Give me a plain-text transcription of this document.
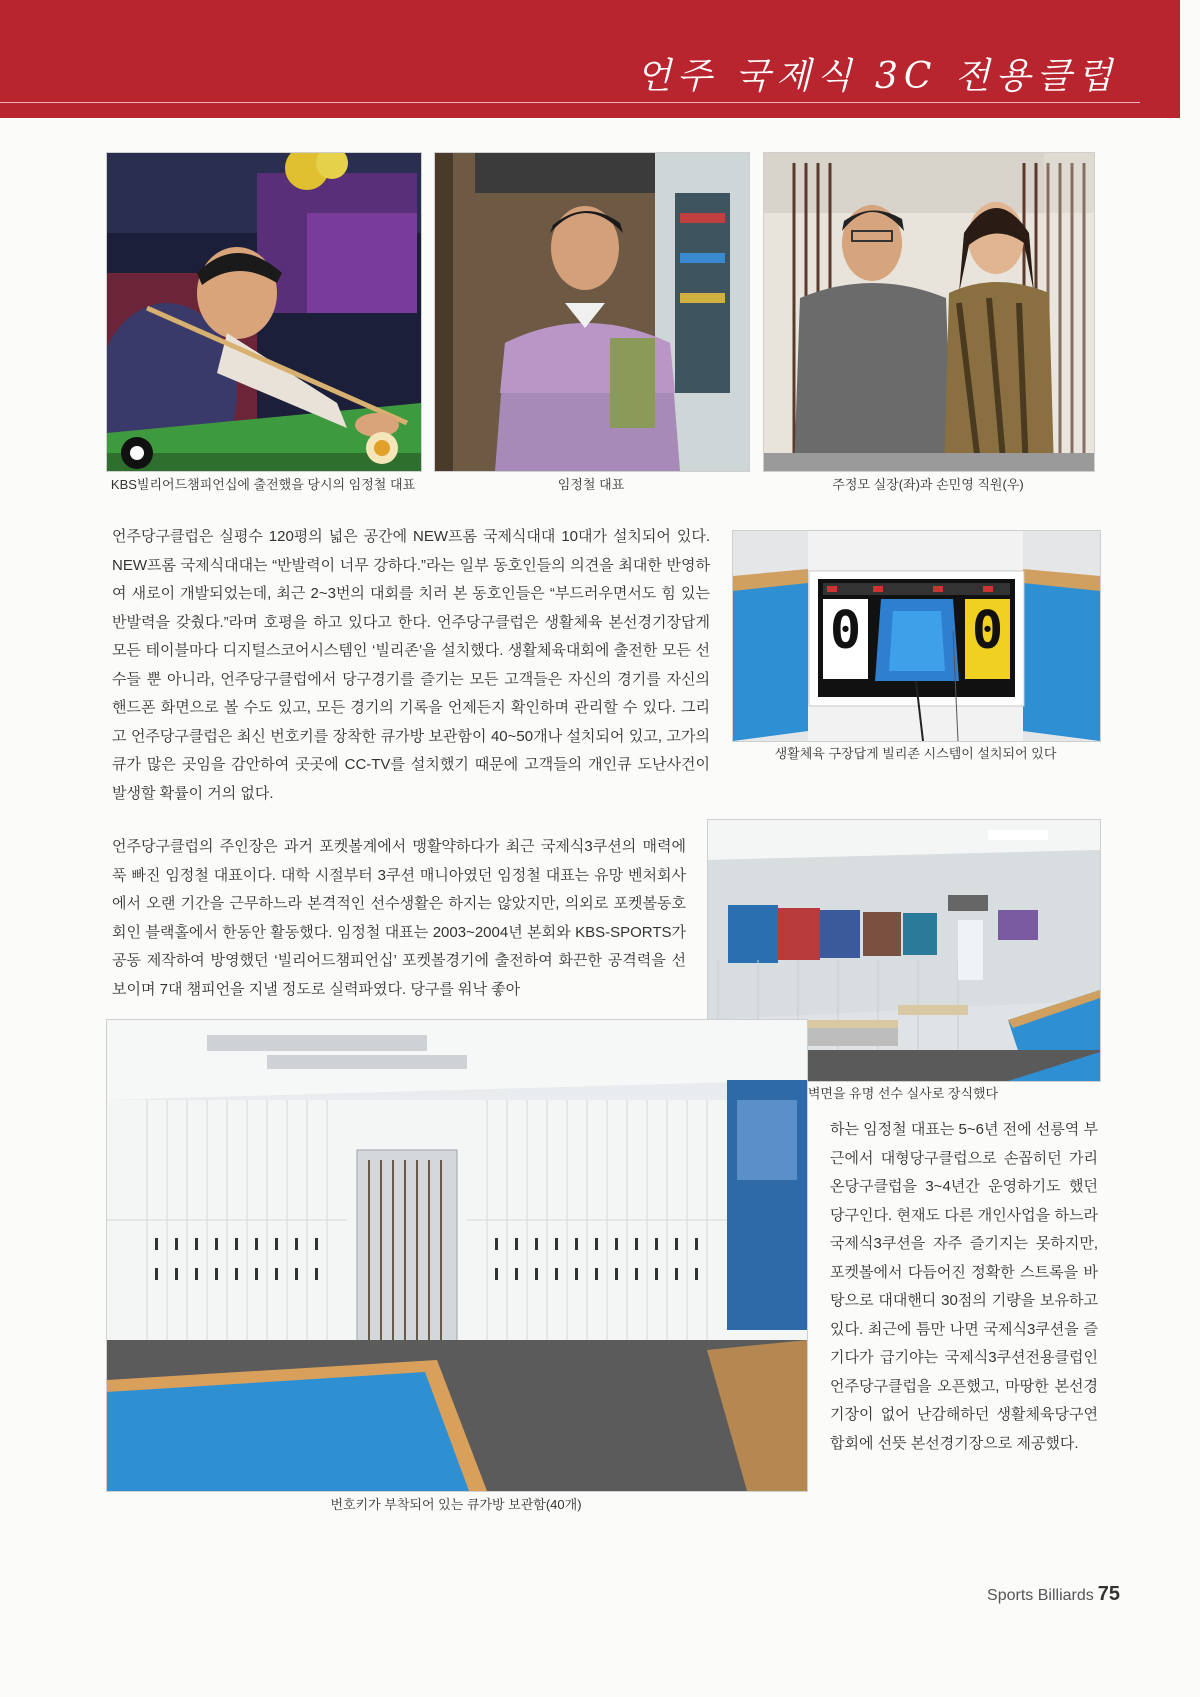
언주 국제식 3C 전용클럽
KBS빌리어드챔피언십에 출전했을 당시의 임정철 대표	임정철 대표	주정모 실장(좌)과 손민영 직원(우)

언주당구클럽은 실평수 120평의 넓은 공간에 NEW프롬 국제식대대 10대가 설치되어 있다. NEW프롬 국제식대대는 “반발력이 너무 강하다.”라는 일부 동호인들의 의견을 최대한 반영하여 새로이 개발되었는데, 최근 2~3번의 대회를 치러 본 동호인들은 “부드러우면서도 힘 있는 반발력을 갖췄다.”라며 호평을 하고 있다고 한다. 언주당구클럽은 생활체육 본선경기장답게 모든 테이블마다 디지털스코어시스템인 ‘빌리존’을 설치했다. 생활체육대회에 출전한 모든 선수들 뿐 아니라, 언주당구클럽에서 당구경기를 즐기는 모든 고객들은 자신의 경기를 자신의 핸드폰 화면으로 볼 수도 있고, 모든 경기의 기록을 언제든지 확인하며 관리할 수 있다. 그리고 언주당구클럽은 최신 번호키를 장착한 큐가방 보관함이 40~50개나 설치되어 있고, 고가의 큐가 많은 곳임을 감안하여 곳곳에 CC-TV를 설치했기 때문에 고객들의 개인큐 도난사건이 발생할 확률이 거의 없다.

0 0
생활체육 구장답게 빌리존 시스템이 설치되어 있다

언주당구클럽의 주인장은 과거 포켓볼계에서 맹활약하다가 최근 국제식3쿠션의 매력에 푹 빠진 임정철 대표이다. 대학 시절부터 3쿠션 매니아였던 임정철 대표는 유망 벤처회사에서 오랜 기간을 근무하느라 본격적인 선수생활은 하지는 않았지만, 의외로 포켓볼동호회인 블랙홀에서 한동안 활동했다. 임정철 대표는 2003~2004년 본회와 KBS-SPORTS가 공동 제작하여 방영했던 ‘빌리어드챔피언십’ 포켓볼경기에 출전하여 화끈한 공격력을 선보이며 7대 챔피언을 지낼 정도로 실력파였다. 당구를 워낙 좋아

벽면을 유명 선수 실사로 장식했다
번호키가 부착되어 있는 큐가방 보관함(40개)

하는 임정철 대표는 5~6년 전에 선릉역 부근에서 대형당구클럽으로 손꼽히던 가리온당구클럽을 3~4년간 운영하기도 했던 당구인다. 현재도 다른 개인사업을 하느라 국제식3쿠션을 자주 즐기지는 못하지만, 포켓볼에서 다듬어진 정확한 스트록을 바탕으로 대대핸디 30점의 기량을 보유하고 있다. 최근에 틈만 나면 국제식3쿠션을 즐기다가 급기야는 국제식3쿠션전용클럽인 언주당구클럽을 오픈했고, 마땅한 본선경기장이 없어 난감해하던 생활체육당구연합회에 선뜻 본선경기장으로 제공했다.

Sports Billiards 75
